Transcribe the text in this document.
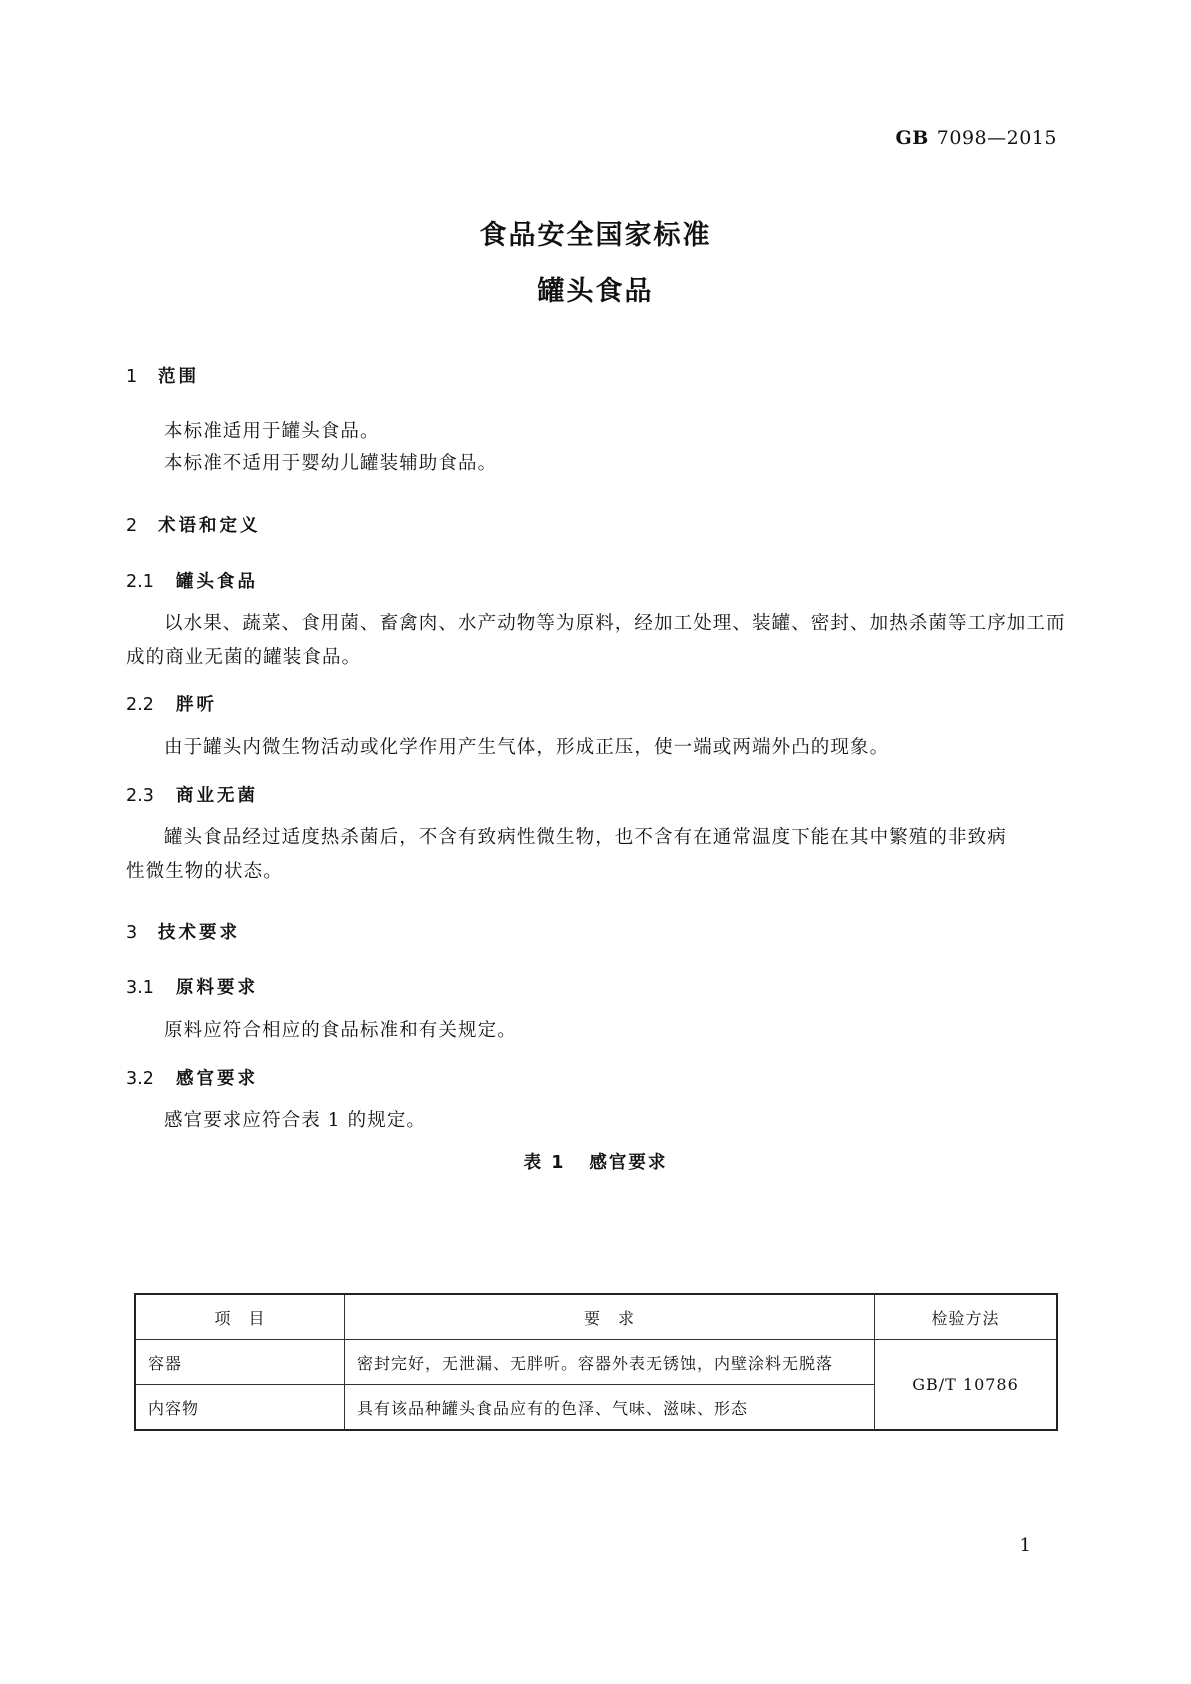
GB 7098—2015
食品安全国家标准
罐头食品
1 范围
本标准适用于罐头食品。
本标准不适用于婴幼儿罐装辅助食品。
2 术语和定义
2.1 罐头食品
以水果、蔬菜、食用菌、畜禽肉、水产动物等为原料，经加工处理、装罐、密封、加热杀菌等工序加工而
成的商业无菌的罐装食品。
2.2 胖听
由于罐头内微生物活动或化学作用产生气体，形成正压，使一端或两端外凸的现象。
2.3 商业无菌
罐头食品经过适度热杀菌后，不含有致病性微生物，也不含有在通常温度下能在其中繁殖的非致病
性微生物的状态。
3 技术要求
3.1 原料要求
原料应符合相应的食品标准和有关规定。
3.2 感官要求
感官要求应符合表 1 的规定。
表 1 感官要求
项　目	要　求	检验方法
容器	密封完好，无泄漏、无胖听。容器外表无锈蚀，内壁涂料无脱落	GB/T 10786
内容物	具有该品种罐头食品应有的色泽、气味、滋味、形态	
1
